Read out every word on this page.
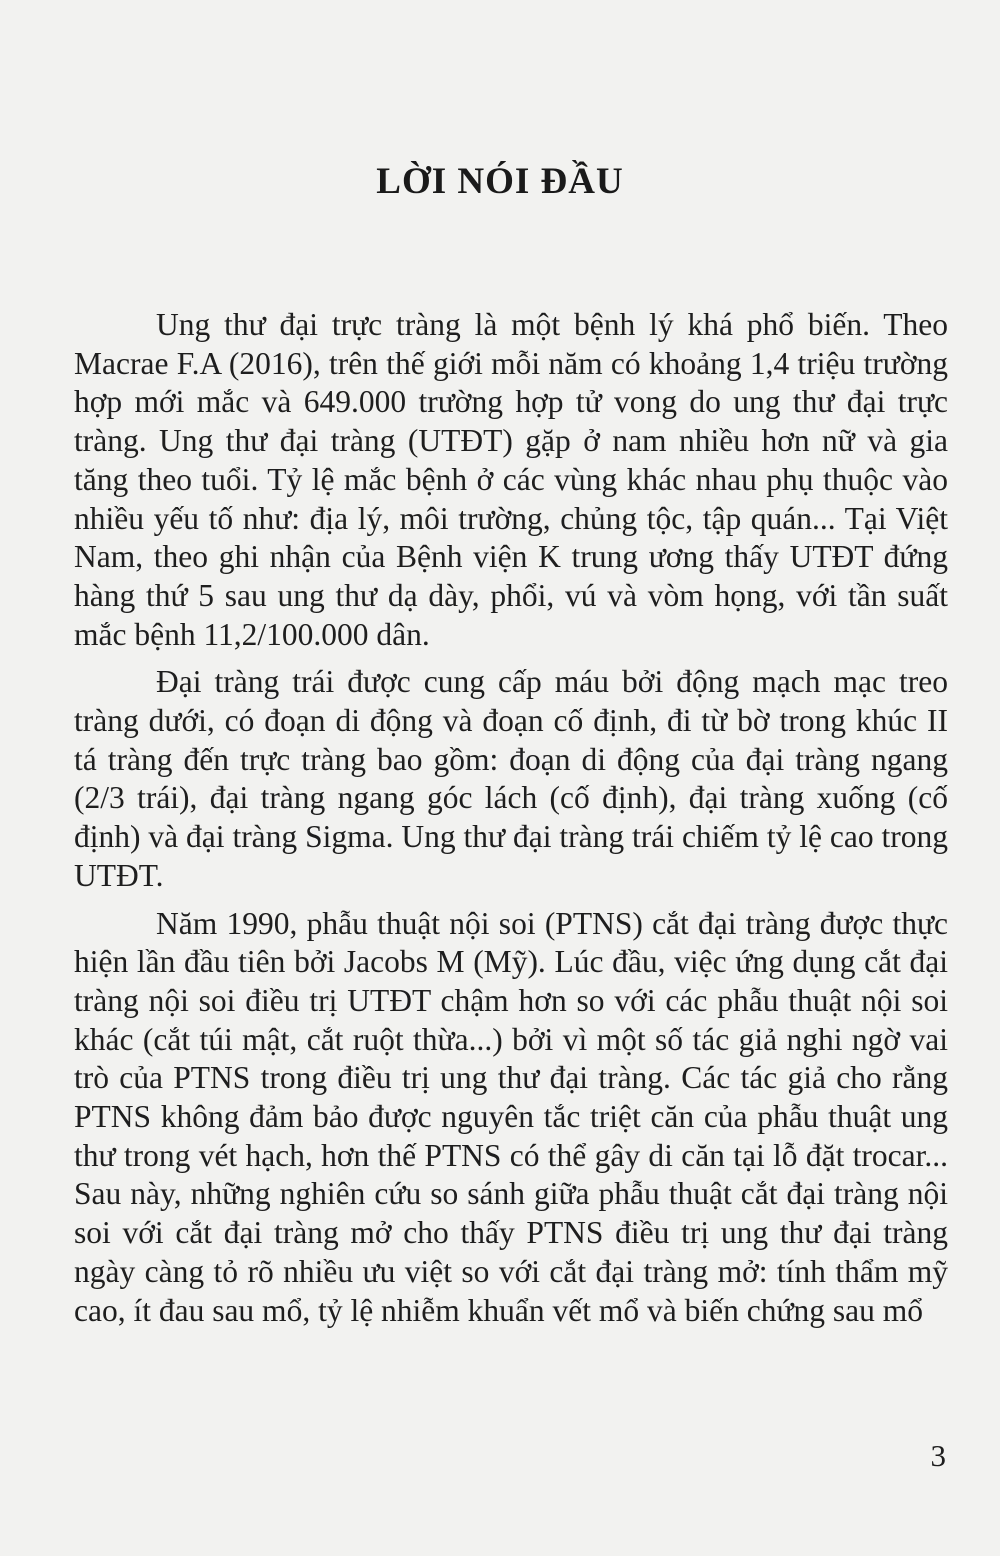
LỜI NÓI ĐẦU

Ung thư đại trực tràng là một bệnh lý khá phổ biến. Theo Macrae F.A (2016), trên thế giới mỗi năm có khoảng 1,4 triệu trường hợp mới mắc và 649.000 trường hợp tử vong do ung thư đại trực tràng. Ung thư đại tràng (UTĐT) gặp ở nam nhiều hơn nữ và gia tăng theo tuổi. Tỷ lệ mắc bệnh ở các vùng khác nhau phụ thuộc vào nhiều yếu tố như: địa lý, môi trường, chủng tộc, tập quán... Tại Việt Nam, theo ghi nhận của Bệnh viện K trung ương thấy UTĐT đứng hàng thứ 5 sau ung thư dạ dày, phổi, vú và vòm họng, với tần suất mắc bệnh 11,2/100.000 dân.

Đại tràng trái được cung cấp máu bởi động mạch mạc treo tràng dưới, có đoạn di động và đoạn cố định, đi từ bờ trong khúc II tá tràng đến trực tràng bao gồm: đoạn di động của đại tràng ngang (2/3 trái), đại tràng ngang góc lách (cố định), đại tràng xuống (cố định) và đại tràng Sigma. Ung thư đại tràng trái chiếm tỷ lệ cao trong UTĐT.

Năm 1990, phẫu thuật nội soi (PTNS) cắt đại tràng được thực hiện lần đầu tiên bởi Jacobs M (Mỹ). Lúc đầu, việc ứng dụng cắt đại tràng nội soi điều trị UTĐT chậm hơn so với các phẫu thuật nội soi khác (cắt túi mật, cắt ruột thừa...) bởi vì một số tác giả nghi ngờ vai trò của PTNS trong điều trị ung thư đại tràng. Các tác giả cho rằng PTNS không đảm bảo được nguyên tắc triệt căn của phẫu thuật ung thư trong vét hạch, hơn thế PTNS có thể gây di căn tại lỗ đặt trocar... Sau này, những nghiên cứu so sánh giữa phẫu thuật cắt đại tràng nội soi với cắt đại tràng mở cho thấy PTNS điều trị ung thư đại tràng ngày càng tỏ rõ nhiều ưu việt so với cắt đại tràng mở: tính thẩm mỹ cao, ít đau sau mổ, tỷ lệ nhiễm khuẩn vết mổ và biến chứng sau mổ

3
